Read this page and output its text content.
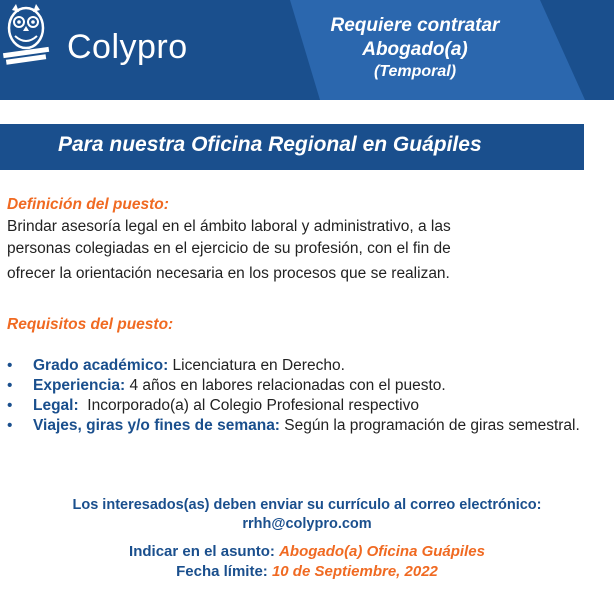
Colypro
Requiere contratar
Abogado(a)
(Temporal)
Para nuestra Oficina Regional en Guápiles
Definición del puesto:
Brindar asesoría legal en el ámbito laboral y administrativo, a las
personas colegiadas en el ejercicio de su profesión, con el fin de
ofrecer la orientación necesaria en los procesos que se realizan.
Requisitos del puesto:
• Grado académico: Licenciatura en Derecho.
• Experiencia: 4 años en labores relacionadas con el puesto.
• Legal:  Incorporado(a) al Colegio Profesional respectivo
• Viajes, giras y/o fines de semana: Según la programación de giras semestral.
Los interesados(as) deben enviar su currículo al correo electrónico:
rrhh@colypro.com
Indicar en el asunto: Abogado(a) Oficina Guápiles
Fecha límite: 10 de Septiembre, 2022
